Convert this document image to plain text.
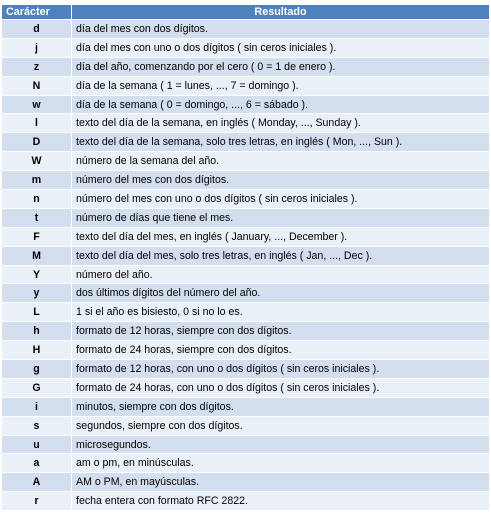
Carácter	Resultado
d	día del mes con dos dígitos.
j	día del mes con uno o dos dígitos ( sin ceros iniciales ).
z	día del año, comenzando por el cero ( 0 = 1 de enero ).
N	día de la semana ( 1 = lunes, ..., 7 = domingo ).
w	día de la semana ( 0 = domingo, ..., 6 = sábado ).
l	texto del día de la semana, en inglés ( Monday, ..., Sunday ).
D	texto del día de la semana, solo tres letras, en inglés ( Mon, ..., Sun ).
W	número de la semana del año.
m	número del mes con dos dígitos.
n	número del mes con uno o dos dígitos ( sin ceros iniciales ).
t	número de días que tiene el mes.
F	texto del día del mes, en inglés ( January, ..., December ).
M	texto del día del mes, solo tres letras, en inglés ( Jan, ..., Dec ).
Y	número del año.
y	dos últimos dígitos del número del año.
L	1 si el año es bisiesto, 0 si no lo es.
h	formato de 12 horas, siempre con dos dígitos.
H	formato de 24 horas, siempre con dos dígitos.
g	formato de 12 horas, con uno o dos dígitos ( sin ceros iniciales ).
G	formato de 24 horas, con uno o dos dígitos ( sin ceros iniciales ).
i	minutos, siempre con dos dígitos.
s	segundos, siempre con dos dígitos.
u	microsegundos.
a	am o pm, en minúsculas.
A	AM o PM, en mayúsculas.
r	fecha entera con formato RFC 2822.
